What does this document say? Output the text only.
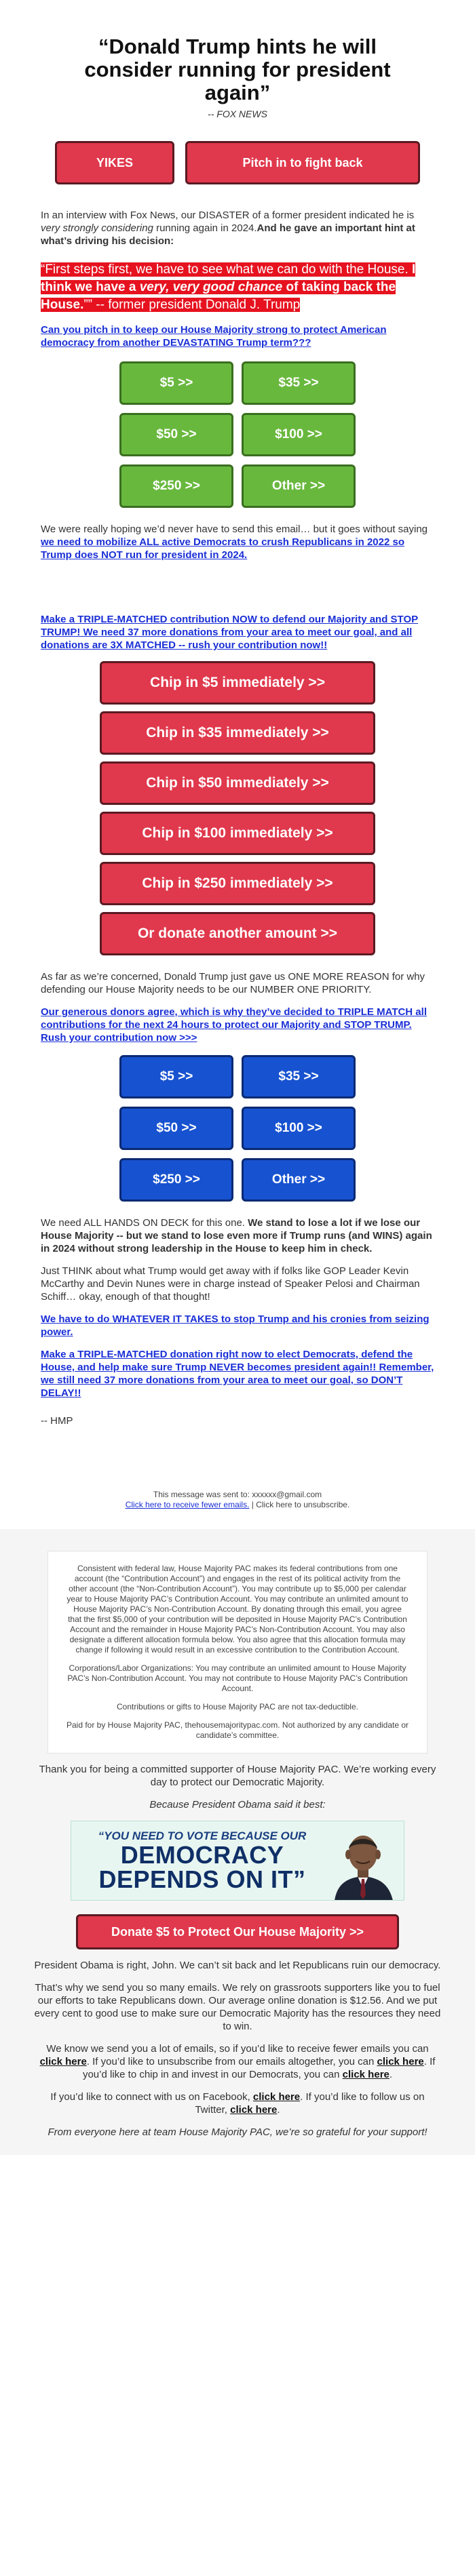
“Donald Trump hints he will consider running for president again”
-- FOX NEWS
YIKES	Pitch in to fight back

In an interview with Fox News, our DISASTER of a former president indicated he is very strongly considering running again in 2024.And he gave an important hint at what’s driving his decision:

“First steps first, we have to see what we can do with the House. I think we have a very, very good chance of taking back the House.”” -- former president Donald J. Trump

Can you pitch in to keep our House Majority strong to protect American democracy from another DEVASTATING Trump term???

$5 >>	$35 >>
$50 >>	$100 >>
$250 >>	Other >>

We were really hoping we’d never have to send this email… but it goes without saying we need to mobilize ALL active Democrats to crush Republicans in 2022 so Trump does NOT run for president in 2024.

Make a TRIPLE-MATCHED contribution NOW to defend our Majority and STOP TRUMP! We need 37 more donations from your area to meet our goal, and all donations are 3X MATCHED -- rush your contribution now!!

Chip in $5 immediately >>
Chip in $35 immediately >>
Chip in $50 immediately >>
Chip in $100 immediately >>
Chip in $250 immediately >>
Or donate another amount >>

As far as we’re concerned, Donald Trump just gave us ONE MORE REASON for why defending our House Majority needs to be our NUMBER ONE PRIORITY.

Our generous donors agree, which is why they’ve decided to TRIPLE MATCH all contributions for the next 24 hours to protect our Majority and STOP TRUMP. Rush your contribution now >>>

$5 >>	$35 >>
$50 >>	$100 >>
$250 >>	Other >>

We need ALL HANDS ON DECK for this one. We stand to lose a lot if we lose our House Majority -- but we stand to lose even more if Trump runs (and WINS) again in 2024 without strong leadership in the House to keep him in check.

Just THINK about what Trump would get away with if folks like GOP Leader Kevin McCarthy and Devin Nunes were in charge instead of Speaker Pelosi and Chairman Schiff… okay, enough of that thought!

We have to do WHATEVER IT TAKES to stop Trump and his cronies from seizing power.

Make a TRIPLE-MATCHED donation right now to elect Democrats, defend the House, and help make sure Trump NEVER becomes president again!! Remember, we still need 37 more donations from your area to meet our goal, so DON’T DELAY!!

-- HMP

This message was sent to: xxxxxx@gmail.com
Click here to receive fewer emails. | Click here to unsubscribe.

Consistent with federal law, House Majority PAC makes its federal contributions from one account (the “Contribution Account”) and engages in the rest of its political activity from the other account (the “Non-Contribution Account”). You may contribute up to $5,000 per calendar year to House Majority PAC’s Contribution Account. You may contribute an unlimited amount to House Majority PAC’s Non-Contribution Account. By donating through this email, you agree that the first $5,000 of your contribution will be deposited in House Majority PAC’s Contribution Account and the remainder in House Majority PAC’s Non-Contribution Account. You may also designate a different allocation formula below. You also agree that this allocation formula may change if following it would result in an excessive contribution to the Contribution Account.

Corporations/Labor Organizations: You may contribute an unlimited amount to House Majority PAC’s Non-Contribution Account. You may not contribute to House Majority PAC’s Contribution Account.

Contributions or gifts to House Majority PAC are not tax-deductible.

Paid for by House Majority PAC, thehousemajoritypac.com. Not authorized by any candidate or candidate’s committee.

Thank you for being a committed supporter of House Majority PAC. We’re working every day to protect our Democratic Majority.
Because President Obama said it best:
“YOU NEED TO VOTE BECAUSE OUR
DEMOCRACY
DEPENDS ON IT”
Donate $5 to Protect Our House Majority >>
President Obama is right, John. We can’t sit back and let Republicans ruin our democracy.
That’s why we send you so many emails. We rely on grassroots supporters like you to fuel our efforts to take Republicans down. Our average online donation is $12.56. And we put every cent to good use to make sure our Democratic Majority has the resources they need to win.
We know we send you a lot of emails, so if you’d like to receive fewer emails you can click here. If you’d like to unsubscribe from our emails altogether, you can click here. If you’d like to chip in and invest in our Democrats, you can click here.
If you’d like to connect with us on Facebook, click here. If you’d like to follow us on Twitter, click here.
From everyone here at team House Majority PAC, we’re so grateful for your support!
